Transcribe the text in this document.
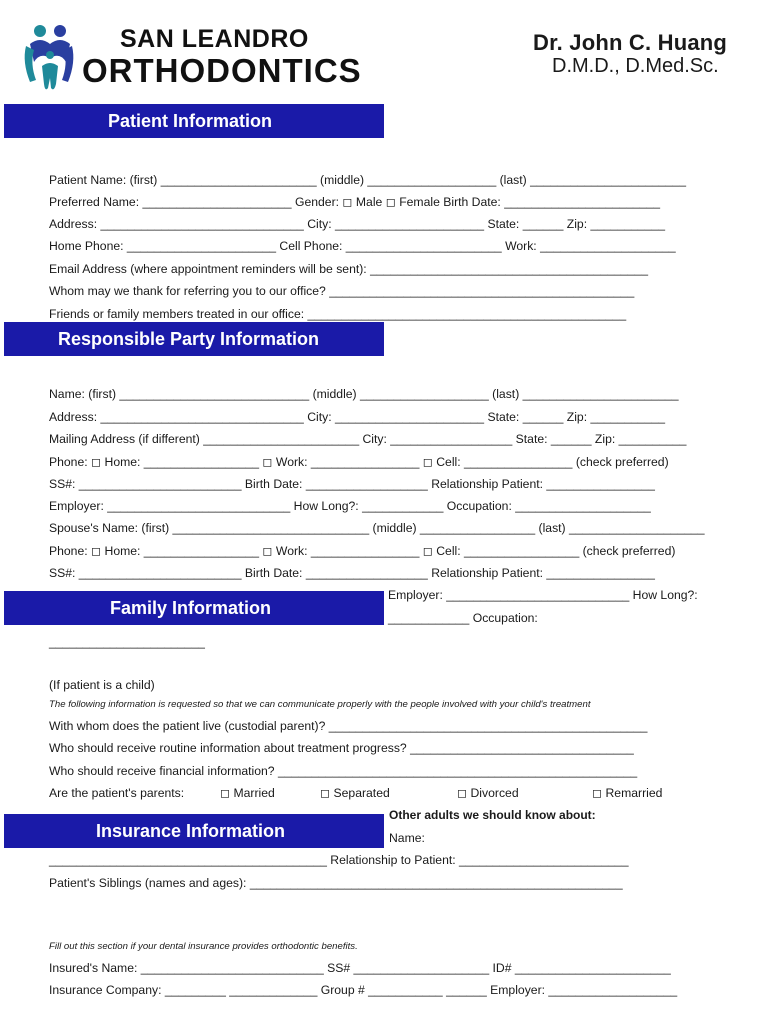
SAN LEANDRO
ORTHODONTICS
Dr. John C. Huang
D.M.D., D.Med.Sc.
Patient Information
Patient Name: (first) _______________________ (middle) ___________________ (last) _______________________
Preferred Name: ______________________ Gender: ◻ Male ◻ Female Birth Date: _______________________
Address: ______________________________ City: ______________________ State: ______ Zip: ___________
Home Phone: ______________________ Cell Phone: _______________________ Work: ____________________
Email Address (where appointment reminders will be sent): _________________________________________
Whom may we thank for referring you to our office? _____________________________________________
Friends or family members treated in our office: _______________________________________________
Responsible Party Information
Name: (first) ____________________________ (middle) ___________________ (last) _______________________
Address: ______________________________ City: ______________________ State: ______ Zip: ___________
Mailing Address (if different) _______________________ City: __________________ State: ______ Zip: __________
Phone: ◻ Home: _________________ ◻ Work: ________________ ◻ Cell: ________________ (check preferred)
SS#: ________________________ Birth Date: __________________ Relationship Patient: ________________
Employer: ___________________________ How Long?: ____________ Occupation: ____________________
Spouse's Name: (first) _____________________________ (middle) _________________ (last) ____________________
Phone: ◻ Home: _________________ ◻ Work: ________________ ◻ Cell: _________________ (check preferred)
SS#: ________________________ Birth Date: __________________ Relationship Patient: ________________
Family Information
Employer: ___________________________ How Long?:
____________ Occupation:
_______________________
(If patient is a child)
The following information is requested so that we can communicate properly with the people involved with your child's treatment
With whom does the patient live (custodial parent)? _______________________________________________
Who should receive routine information about treatment progress? _________________________________
Who should receive financial information? _____________________________________________________
Are the patient's parents:	◻ Married	◻ Separated	◻ Divorced	◻ Remarried
Insurance Information
Other adults we should know about:
Name:
_________________________________________ Relationship to Patient: _________________________
Patient's Siblings (names and ages): _______________________________________________________
Fill out this section if your dental insurance provides orthodontic benefits.
Insured's Name: ___________________________ SS# ____________________ ID# _______________________
Insurance Company: _________ _____________ Group # ___________ ______ Employer: ___________________
